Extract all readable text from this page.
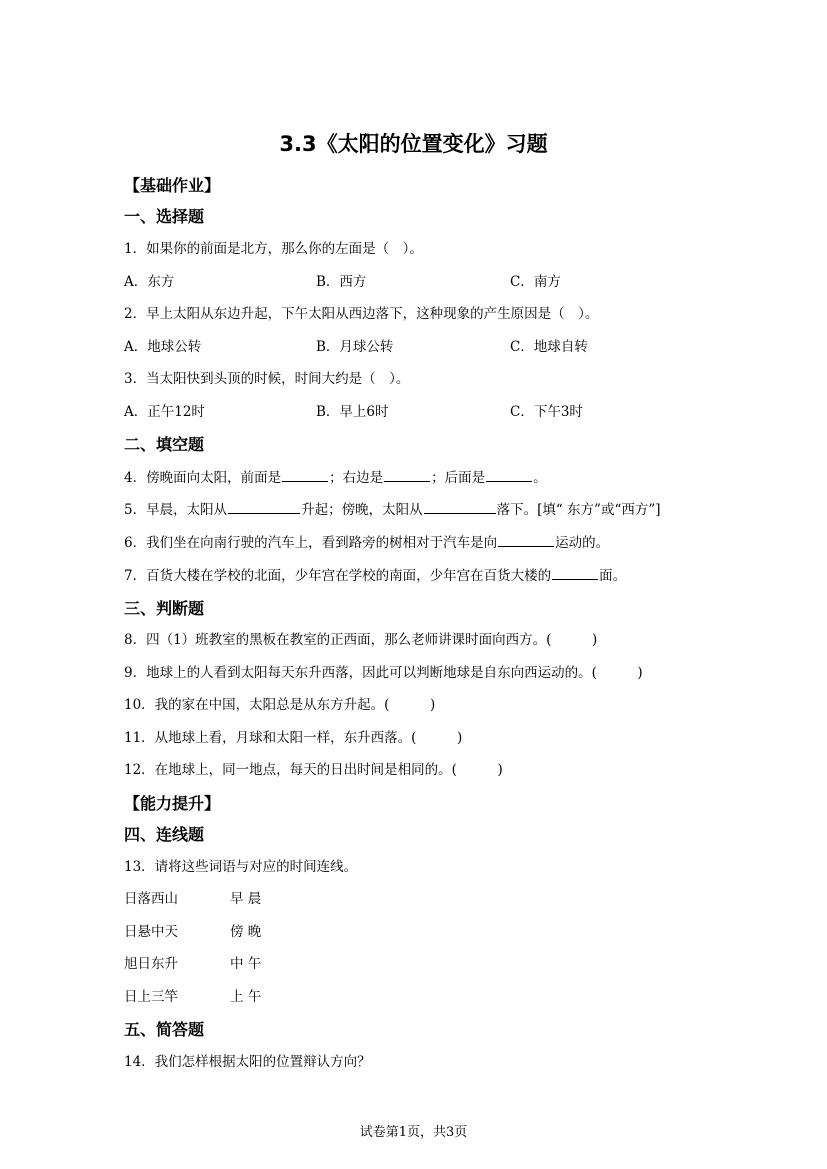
3.3《太阳的位置变化》习题
【基础作业】
一、选择题
1．如果你的前面是北方，那么你的左面是（　）。
A．东方	B．西方	C．南方
2．早上太阳从东边升起，下午太阳从西边落下，这种现象的产生原因是（　）。
A．地球公转	B．月球公转	C．地球自转
3．当太阳快到头顶的时候，时间大约是（　）。
A．正午12时	B．早上6时	C．下午3时
二、填空题
4．傍晚面向太阳，前面是	；右边是	；后面是	。
5．早晨，太阳从	升起；傍晚，太阳从	落下。[填“ 东方”或“西方”]
6．我们坐在向南行驶的汽车上，看到路旁的树相对于汽车是向	运动的。
7．百货大楼在学校的北面，少年宫在学校的南面，少年宫在百货大楼的	面。
三、判断题
8．四（1）班教室的黑板在教室的正西面，那么老师讲课时面向西方。(　　　)
9．地球上的人看到太阳每天东升西落，因此可以判断地球是自东向西运动的。(　　　)
10．我的家在中国，太阳总是从东方升起。(　　　)
11．从地球上看，月球和太阳一样，东升西落。(　　　)
12．在地球上，同一地点，每天的日出时间是相同的。(　　　)
【能力提升】
四、连线题
13．请将这些词语与对应的时间连线。
日落西山	早 晨
日悬中天	傍 晚
旭日东升	中 午
日上三竿	上 午
五、简答题
14．我们怎样根据太阳的位置辩认方向？
试卷第1页，共3页
